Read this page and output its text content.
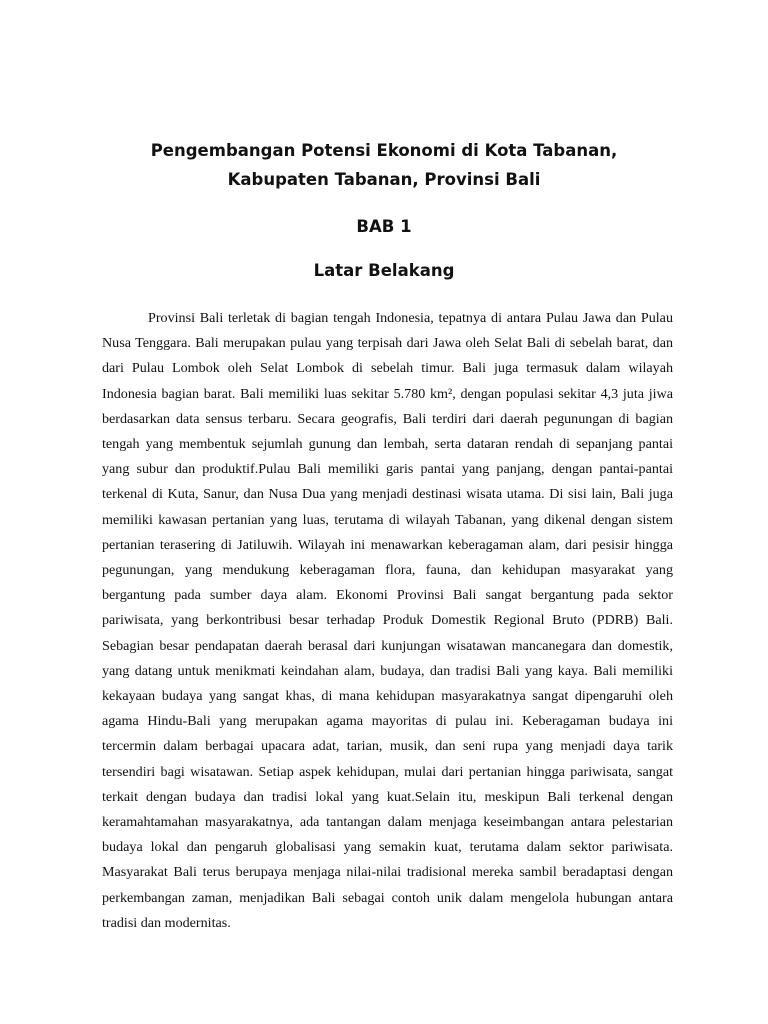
Pengembangan Potensi Ekonomi di Kota Tabanan,
Kabupaten Tabanan, Provinsi Bali
BAB 1
Latar Belakang

Provinsi Bali terletak di bagian tengah Indonesia, tepatnya di antara Pulau Jawa dan Pulau Nusa Tenggara. Bali merupakan pulau yang terpisah dari Jawa oleh Selat Bali di sebelah barat, dan dari Pulau Lombok oleh Selat Lombok di sebelah timur. Bali juga termasuk dalam wilayah Indonesia bagian barat. Bali memiliki luas sekitar 5.780 km², dengan populasi sekitar 4,3 juta jiwa berdasarkan data sensus terbaru. Secara geografis, Bali terdiri dari daerah pegunungan di bagian tengah yang membentuk sejumlah gunung dan lembah, serta dataran rendah di sepanjang pantai yang subur dan produktif.Pulau Bali memiliki garis pantai yang panjang, dengan pantai-pantai terkenal di Kuta, Sanur, dan Nusa Dua yang menjadi destinasi wisata utama. Di sisi lain, Bali juga memiliki kawasan pertanian yang luas, terutama di wilayah Tabanan, yang dikenal dengan sistem pertanian terasering di Jatiluwih. Wilayah ini menawarkan keberagaman alam, dari pesisir hingga pegunungan, yang mendukung keberagaman flora, fauna, dan kehidupan masyarakat yang bergantung pada sumber daya alam. Ekonomi Provinsi Bali sangat bergantung pada sektor pariwisata, yang berkontribusi besar terhadap Produk Domestik Regional Bruto (PDRB) Bali. Sebagian besar pendapatan daerah berasal dari kunjungan wisatawan mancanegara dan domestik, yang datang untuk menikmati keindahan alam, budaya, dan tradisi Bali yang kaya. Bali memiliki kekayaan budaya yang sangat khas, di mana kehidupan masyarakatnya sangat dipengaruhi oleh agama Hindu-Bali yang merupakan agama mayoritas di pulau ini. Keberagaman budaya ini tercermin dalam berbagai upacara adat, tarian, musik, dan seni rupa yang menjadi daya tarik tersendiri bagi wisatawan. Setiap aspek kehidupan, mulai dari pertanian hingga pariwisata, sangat terkait dengan budaya dan tradisi lokal yang kuat.Selain itu, meskipun Bali terkenal dengan keramahtamahan masyarakatnya, ada tantangan dalam menjaga keseimbangan antara pelestarian budaya lokal dan pengaruh globalisasi yang semakin kuat, terutama dalam sektor pariwisata. Masyarakat Bali terus berupaya menjaga nilai-nilai tradisional mereka sambil beradaptasi dengan perkembangan zaman, menjadikan Bali sebagai contoh unik dalam mengelola hubungan antara tradisi dan modernitas.
